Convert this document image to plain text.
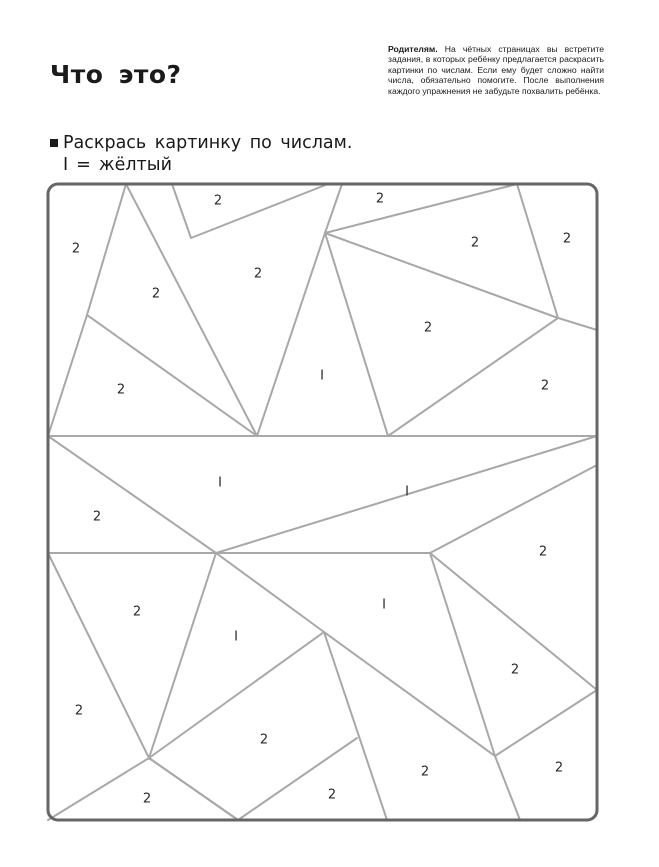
Что это?
Родителям. На чётных страницах вы встретите задания, в которых ребёнку предлагается раскрасить картинки по числам. Если ему будет сложно найти числа, обязательно помогите. После выполнения каждого упражнения не забудьте похвалить ребёнка.
Раскрась картинку по числам.
I = жёлтый
2
2
2
2
2
2
I
2
2
2
2
I
I
2
2
2
I
I
2
2
2
2	2
2	2
